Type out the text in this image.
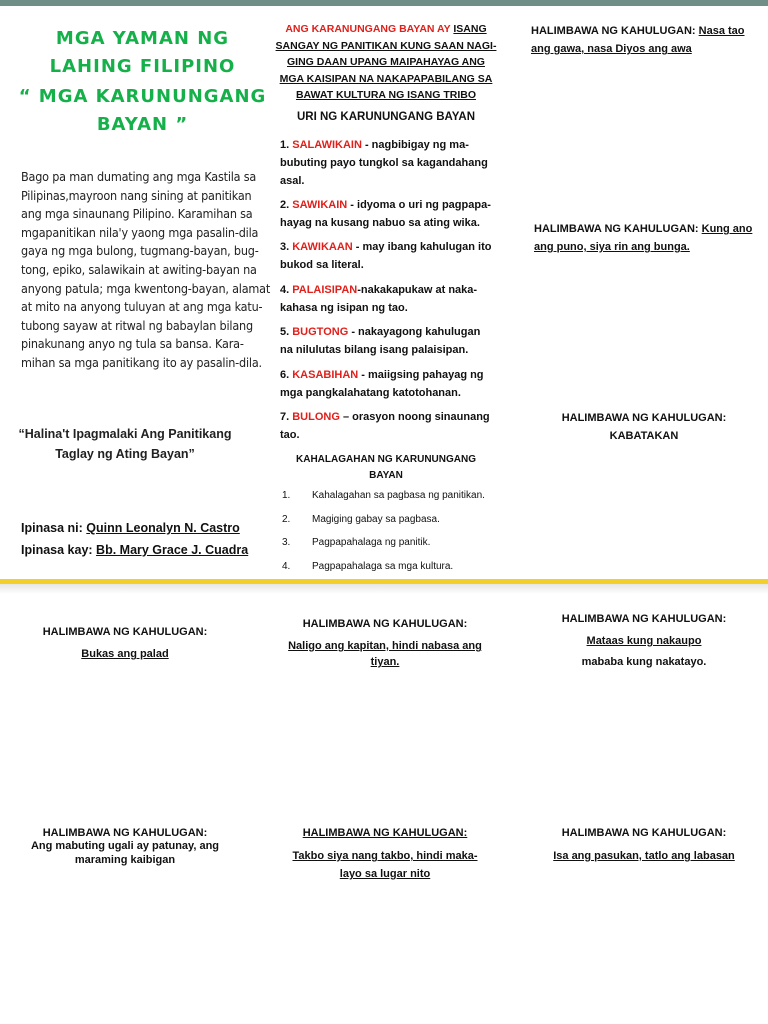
MGA YAMAN NG
LAHING FILIPINO
“ MGA KARUNUNGANG
BAYAN ”
Bago pa man dumating ang mga Kastila sa
Pilipinas,mayroon nang sining at panitikan
ang mga sinaunang Pilipino. Karamihan sa
mgapanitikan nila'y yaong mga pasalin-dila
gaya ng mga bulong, tugmang-bayan, bug-
tong, epiko, salawikain at awiting-bayan na
anyong patula; mga kwentong-bayan, alamat
at mito na anyong tuluyan at ang mga katu-
tubong sayaw at ritwal ng babaylan bilang
pinakunang anyo ng tula sa bansa. Kara-
mihan sa mga panitikang ito ay pasalin-dila.
“Halina't Ipagmalaki Ang Panitikang
Taglay ng Ating Bayan”
Ipinasa ni: Quinn Leonalyn N. Castro
Ipinasa kay: Bb. Mary Grace J. Cuadra
ANG KARANUNGANG BAYAN AY ISANG
SANGAY NG PANITIKAN KUNG SAAN NAGI-
GING DAAN UPANG MAIPAHAYAG ANG
MGA KAISIPAN NA NAKAPAPABILANG SA
BAWAT KULTURA NG ISANG TRIBO
URI NG KARUNUNGANG BAYAN
1. SALAWIKAIN - nagbibigay ng ma-
bubuting payo tungkol sa kagandahang
asal.
2. SAWIKAIN - idyoma o uri ng pagpapa-
hayag na kusang nabuo sa ating wika.
3. KAWIKAAN - may ibang kahulugan ito
bukod sa literal.
4. PALAISIPAN-nakakapukaw at naka-
kahasa ng isipan ng tao.
5. BUGTONG - nakayagong kahulugan
na nilulutas bilang isang palaisipan.
6. KASABIHAN - maiigsing pahayag ng
mga pangkalahatang katotohanan.
7. BULONG – orasyon noong sinaunang
tao.
KAHALAGAHAN NG KARUNUNGANG
BAYAN
1.	Kahalagahan sa pagbasa ng panitikan.
2.	Magiging gabay sa pagbasa.
3.	Pagpapahalaga ng panitik.
4.	Pagpapahalaga sa mga kultura.
HALIMBAWA NG KAHULUGAN: Nasa tao
ang gawa, nasa Diyos ang awa
HALIMBAWA NG KAHULUGAN: Kung ano
ang puno, siya rin ang bunga.
HALIMBAWA NG KAHULUGAN:
KABATAKAN
HALIMBAWA NG KAHULUGAN:
Bukas ang palad
HALIMBAWA NG KAHULUGAN:
Naligo ang kapitan, hindi nabasa ang
tiyan.
HALIMBAWA NG KAHULUGAN:
Mataas kung nakaupo
mababa kung nakatayo.
HALIMBAWA NG KAHULUGAN:
Ang mabuting ugali ay patunay, ang
maraming kaibigan
HALIMBAWA NG KAHULUGAN:
Takbo siya nang takbo, hindi maka-
layo sa lugar nito
HALIMBAWA NG KAHULUGAN:
Isa ang pasukan, tatlo ang labasan
